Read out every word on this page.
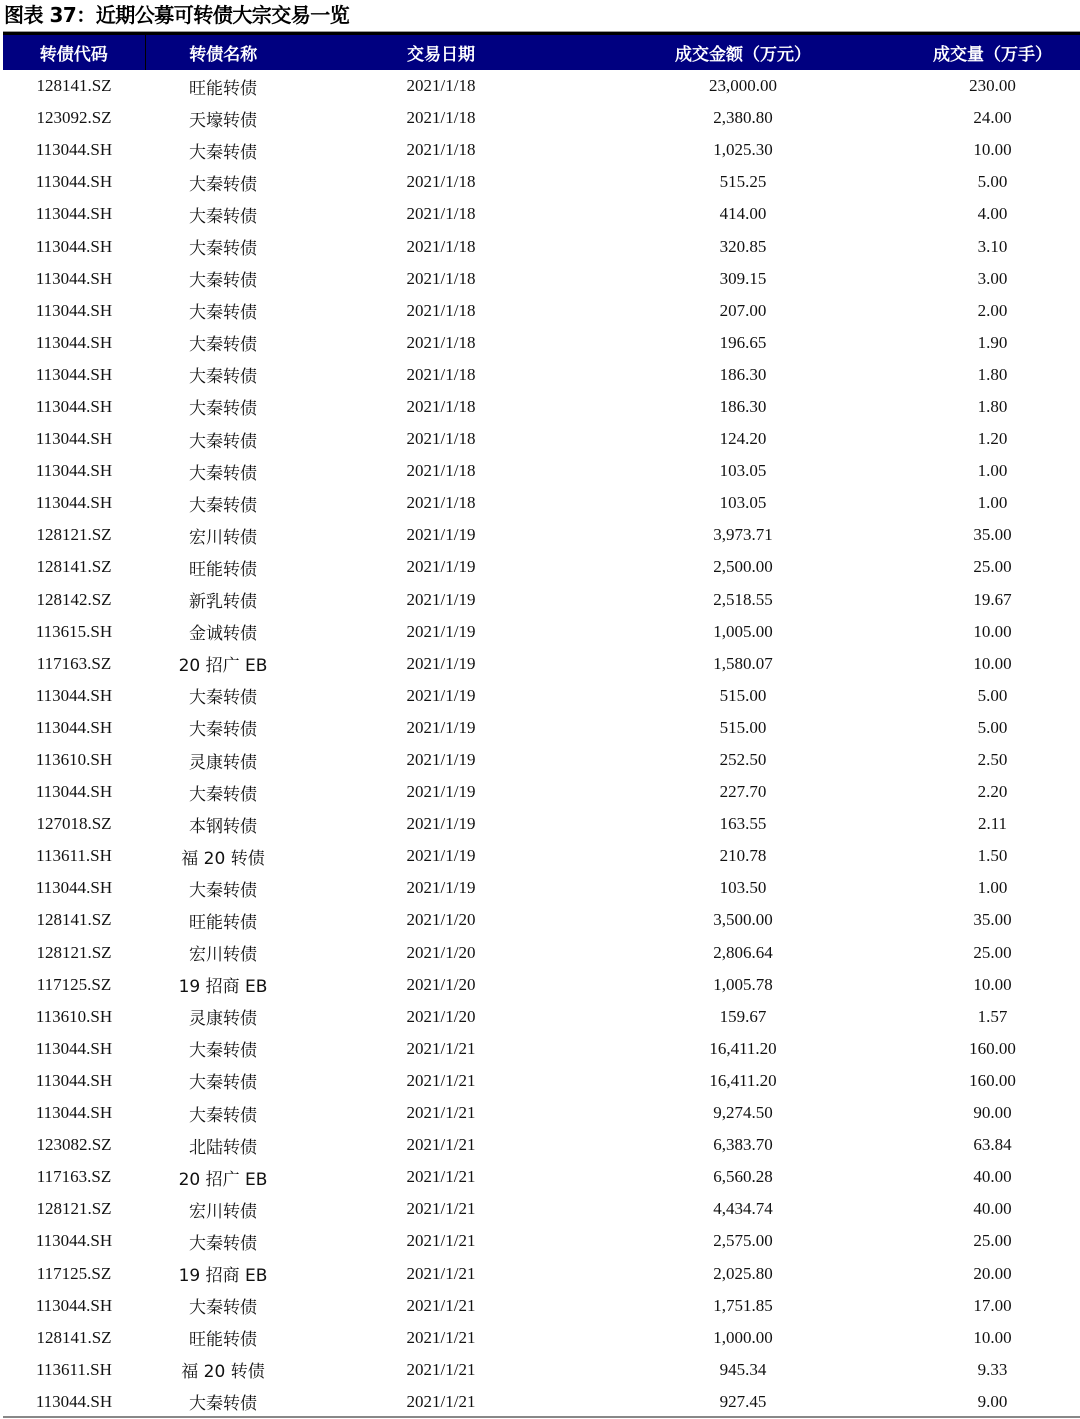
图表 37：近期公募可转债大宗交易一览
转债代码	转债名称	交易日期	成交金额（万元）	成交量（万手）
128141.SZ	旺能转债	2021/1/18	23,000.00	230.00
123092.SZ	天壕转债	2021/1/18	2,380.80	24.00
113044.SH	大秦转债	2021/1/18	1,025.30	10.00
113044.SH	大秦转债	2021/1/18	515.25	5.00
113044.SH	大秦转债	2021/1/18	414.00	4.00
113044.SH	大秦转债	2021/1/18	320.85	3.10
113044.SH	大秦转债	2021/1/18	309.15	3.00
113044.SH	大秦转债	2021/1/18	207.00	2.00
113044.SH	大秦转债	2021/1/18	196.65	1.90
113044.SH	大秦转债	2021/1/18	186.30	1.80
113044.SH	大秦转债	2021/1/18	186.30	1.80
113044.SH	大秦转债	2021/1/18	124.20	1.20
113044.SH	大秦转债	2021/1/18	103.05	1.00
113044.SH	大秦转债	2021/1/18	103.05	1.00
128121.SZ	宏川转债	2021/1/19	3,973.71	35.00
128141.SZ	旺能转债	2021/1/19	2,500.00	25.00
128142.SZ	新乳转债	2021/1/19	2,518.55	19.67
113615.SH	金诚转债	2021/1/19	1,005.00	10.00
117163.SZ	20 招广 EB	2021/1/19	1,580.07	10.00
113044.SH	大秦转债	2021/1/19	515.00	5.00
113044.SH	大秦转债	2021/1/19	515.00	5.00
113610.SH	灵康转债	2021/1/19	252.50	2.50
113044.SH	大秦转债	2021/1/19	227.70	2.20
127018.SZ	本钢转债	2021/1/19	163.55	2.11
113611.SH	福 20 转债	2021/1/19	210.78	1.50
113044.SH	大秦转债	2021/1/19	103.50	1.00
128141.SZ	旺能转债	2021/1/20	3,500.00	35.00
128121.SZ	宏川转债	2021/1/20	2,806.64	25.00
117125.SZ	19 招商 EB	2021/1/20	1,005.78	10.00
113610.SH	灵康转债	2021/1/20	159.67	1.57
113044.SH	大秦转债	2021/1/21	16,411.20	160.00
113044.SH	大秦转债	2021/1/21	16,411.20	160.00
113044.SH	大秦转债	2021/1/21	9,274.50	90.00
123082.SZ	北陆转债	2021/1/21	6,383.70	63.84
117163.SZ	20 招广 EB	2021/1/21	6,560.28	40.00
128121.SZ	宏川转债	2021/1/21	4,434.74	40.00
113044.SH	大秦转债	2021/1/21	2,575.00	25.00
117125.SZ	19 招商 EB	2021/1/21	2,025.80	20.00
113044.SH	大秦转债	2021/1/21	1,751.85	17.00
128141.SZ	旺能转债	2021/1/21	1,000.00	10.00
113611.SH	福 20 转债	2021/1/21	945.34	9.33
113044.SH	大秦转债	2021/1/21	927.45	9.00
